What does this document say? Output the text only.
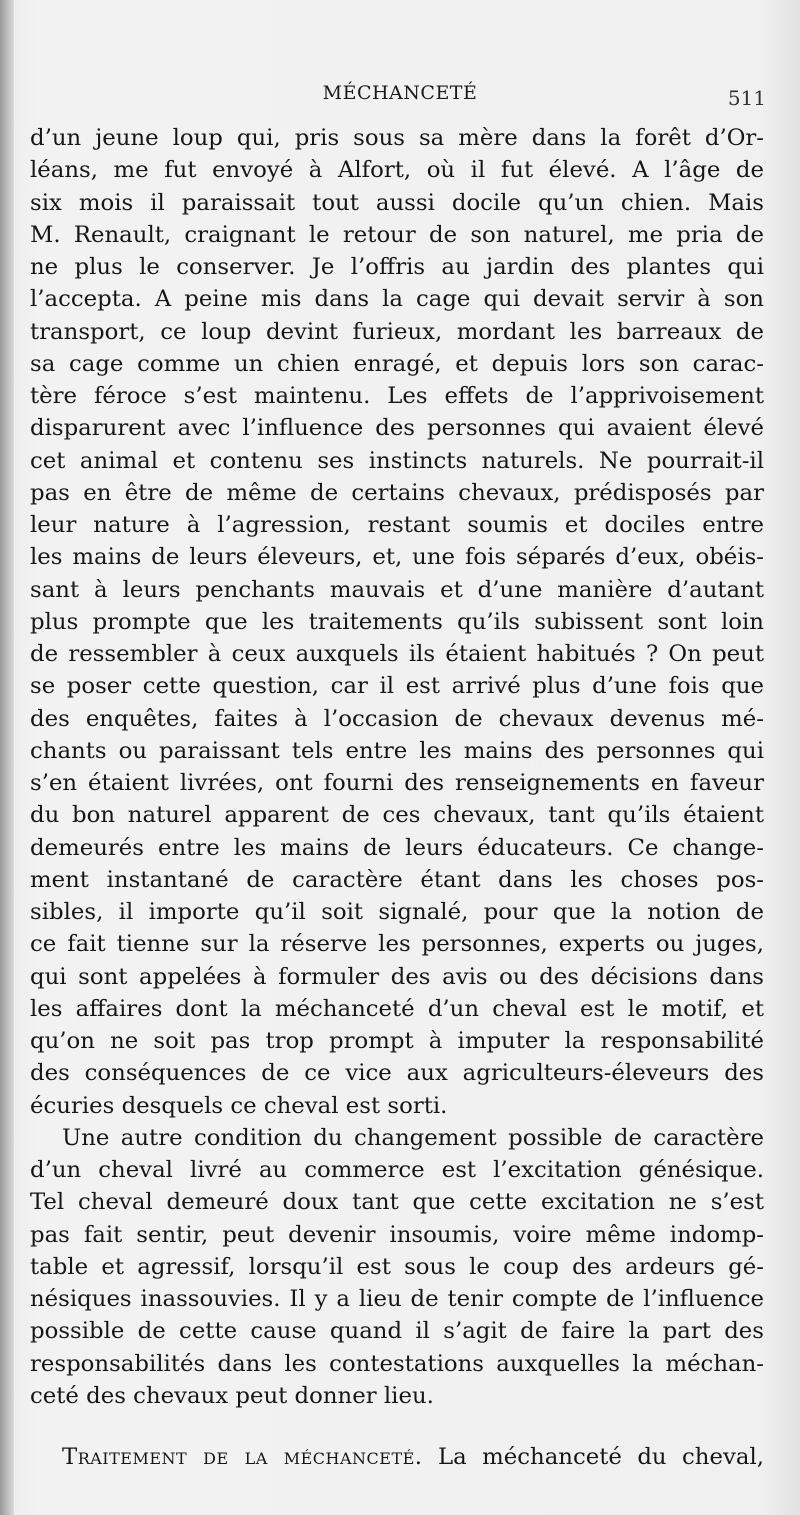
MÉCHANCETÉ	511
d’un jeune loup qui, pris sous sa mère dans la forêt d’Or-
léans, me fut envoyé à Alfort, où il fut élevé. A l’âge de
six mois il paraissait tout aussi docile qu’un chien. Mais
M. Renault, craignant le retour de son naturel, me pria de
ne plus le conserver. Je l’offris au jardin des plantes qui
l’accepta. A peine mis dans la cage qui devait servir à son
transport, ce loup devint furieux, mordant les barreaux de
sa cage comme un chien enragé, et depuis lors son carac-
tère féroce s’est maintenu. Les effets de l’apprivoisement
disparurent avec l’influence des personnes qui avaient élevé
cet animal et contenu ses instincts naturels. Ne pourrait-il
pas en être de même de certains chevaux, prédisposés par
leur nature à l’agression, restant soumis et dociles entre
les mains de leurs éleveurs, et, une fois séparés d’eux, obéis-
sant à leurs penchants mauvais et d’une manière d’autant
plus prompte que les traitements qu’ils subissent sont loin
de ressembler à ceux auxquels ils étaient habitués ? On peut
se poser cette question, car il est arrivé plus d’une fois que
des enquêtes, faites à l’occasion de chevaux devenus mé-
chants ou paraissant tels entre les mains des personnes qui
s’en étaient livrées, ont fourni des renseignements en faveur
du bon naturel apparent de ces chevaux, tant qu’ils étaient
demeurés entre les mains de leurs éducateurs. Ce change-
ment instantané de caractère étant dans les choses pos-
sibles, il importe qu’il soit signalé, pour que la notion de
ce fait tienne sur la réserve les personnes, experts ou juges,
qui sont appelées à formuler des avis ou des décisions dans
les affaires dont la méchanceté d’un cheval est le motif, et
qu’on ne soit pas trop prompt à imputer la responsabilité
des conséquences de ce vice aux agriculteurs-éleveurs des
écuries desquels ce cheval est sorti.
Une autre condition du changement possible de caractère
d’un cheval livré au commerce est l’excitation génésique.
Tel cheval demeuré doux tant que cette excitation ne s’est
pas fait sentir, peut devenir insoumis, voire même indomp-
table et agressif, lorsqu’il est sous le coup des ardeurs gé-
nésiques inassouvies. Il y a lieu de tenir compte de l’influence
possible de cette cause quand il s’agit de faire la part des
responsabilités dans les contestations auxquelles la méchan-
ceté des chevaux peut donner lieu.
Traitement de la méchanceté. La méchanceté du cheval,
